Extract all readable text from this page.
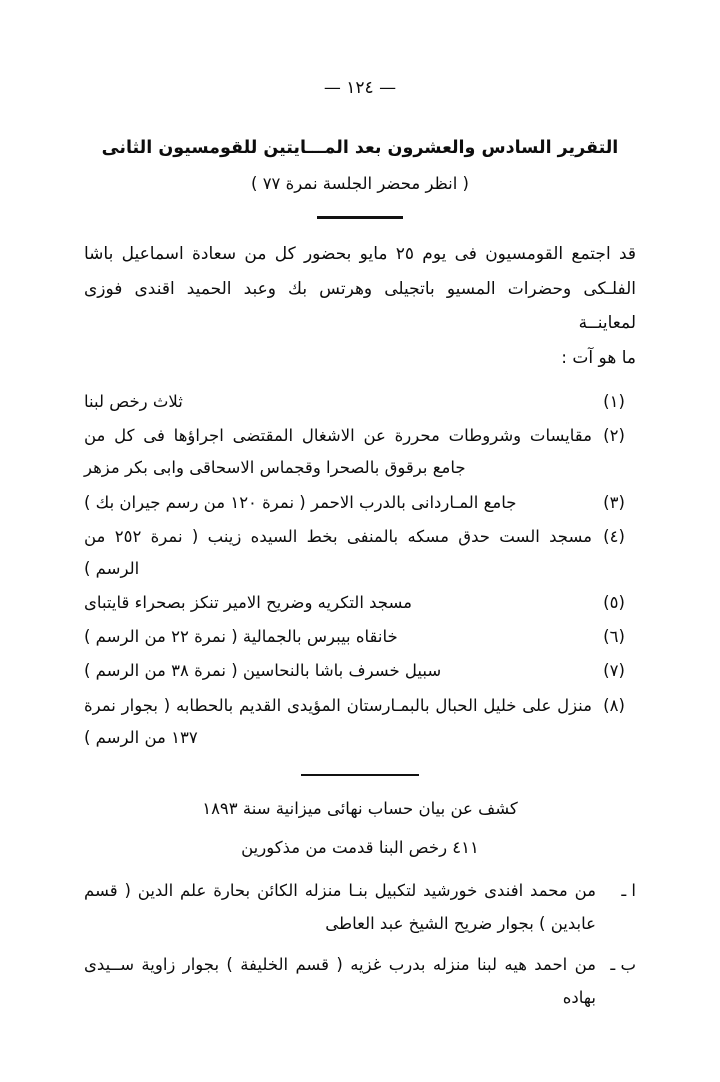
— ١٢٤ —
التقرير السادس والعشرون بعد المـــايتين للقومسيون الثانى
( انظر محضر الجلسة نمرة ٧٧ )

قد اجتمع القومسيون فى يوم ٢٥ مايو بحضور كل من سعادة اسماعيل باشا الفلـكى وحضرات المسيو باتجيلى وهرتس بك وعبد الحميد اقندى فوزى لمعاينــة
ما هو آت :

(١)
ثلاث رخص لبنا
(٢)
مقايسات وشروطات محررة عن الاشغال المقتضى اجراؤها فى كل من جامع برقوق بالصحرا وقجماس الاسحاقى وابى بكر مزهر
(٣)
جامع المـاردانى بالدرب الاحمر ( نمرة ١٢٠ من رسم جيران بك )
(٤)
مسجد الست حدق مسكه بالمنفى بخط السيده زينب ( نمرة ٢٥٢ من الرسم )
(٥)
مسجد التكريه وضريح الامير تنكز بصحراء قايتباى
(٦)
خانقاه بيبرس بالجمالية ( نمرة ٢٢ من الرسم )
(٧)
سبيل خسرف باشا بالنحاسين ( نمرة ٣٨ من الرسم )
(٨)
منزل على خليل الحبال بالبمـارستان المؤيدى القديم بالحطابه ( بجوار نمرة ١٣٧ من الرسم )
كشف عن بيان حساب نهائى ميزانية سنة ١٨٩٣
٤١١ رخص البنا قدمت من مذكورين
ا ـ
من محمد افندى خورشيد لتكبيل بنـا منزله الكائن بحارة علم الدين ( قسم عابدين ) بجوار ضريح الشيخ عبد العاطى
ب ـ
من احمد هيه لبنا منزله بدرب غزيه ( قسم الخليفة ) بجوار زاوية ســيدى بهاده
